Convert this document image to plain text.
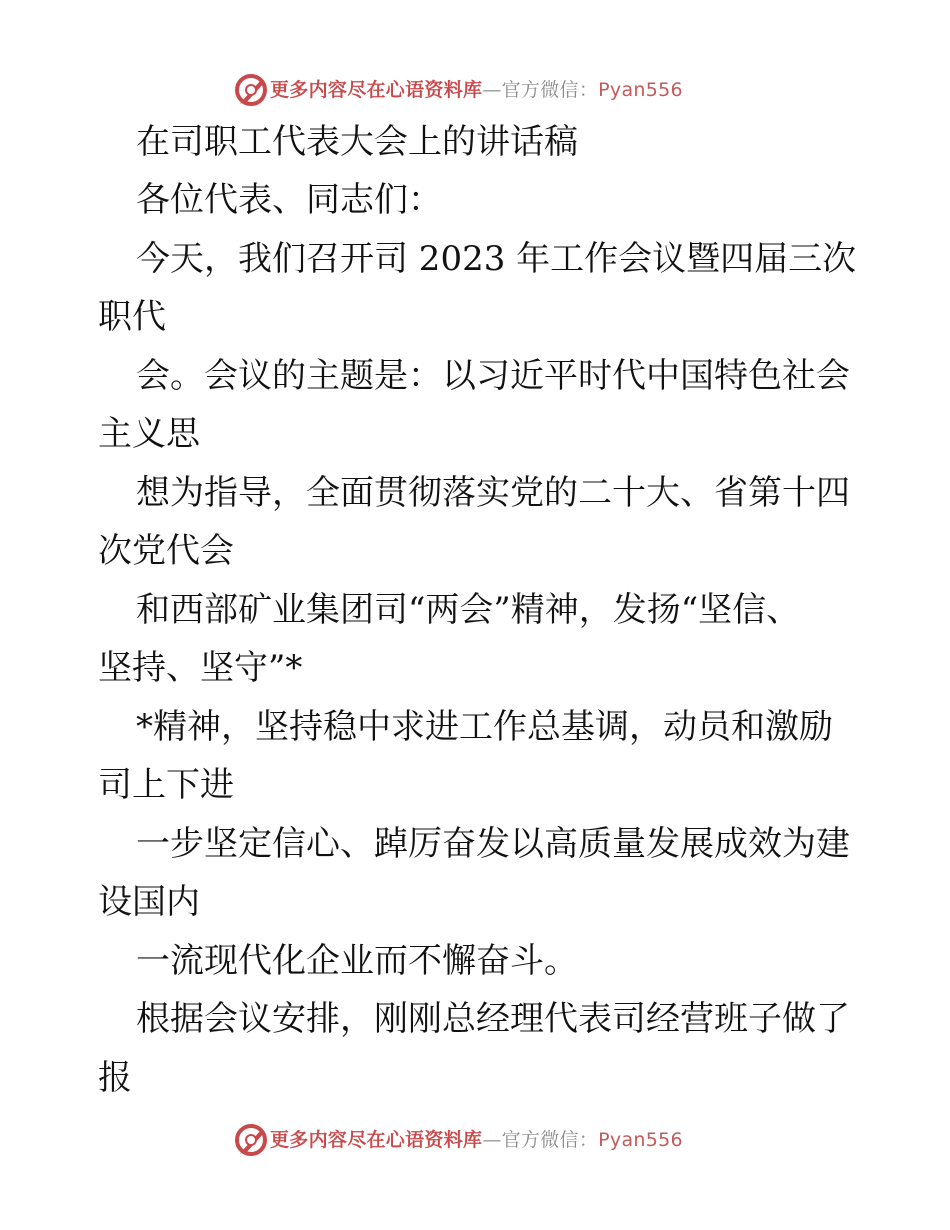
更多内容尽在心语资料库—官方微信：Pyan556
在司职工代表大会上的讲话稿
各位代表、同志们：
今天，我们召开司 2023 年工作会议暨四届三次
职代
会。会议的主题是：以习近平时代中国特色社会
主义思
想为指导，全面贯彻落实党的二十大、省第十四
次党代会
和西部矿业集团司“两会”精神，发扬“坚信、
坚持、坚守”*
*精神，坚持稳中求进工作总基调，动员和激励
司上下进
一步坚定信心、踔厉奋发以高质量发展成效为建
设国内
一流现代化企业而不懈奋斗。
根据会议安排，刚刚总经理代表司经营班子做了
报
更多内容尽在心语资料库—官方微信：Pyan556
